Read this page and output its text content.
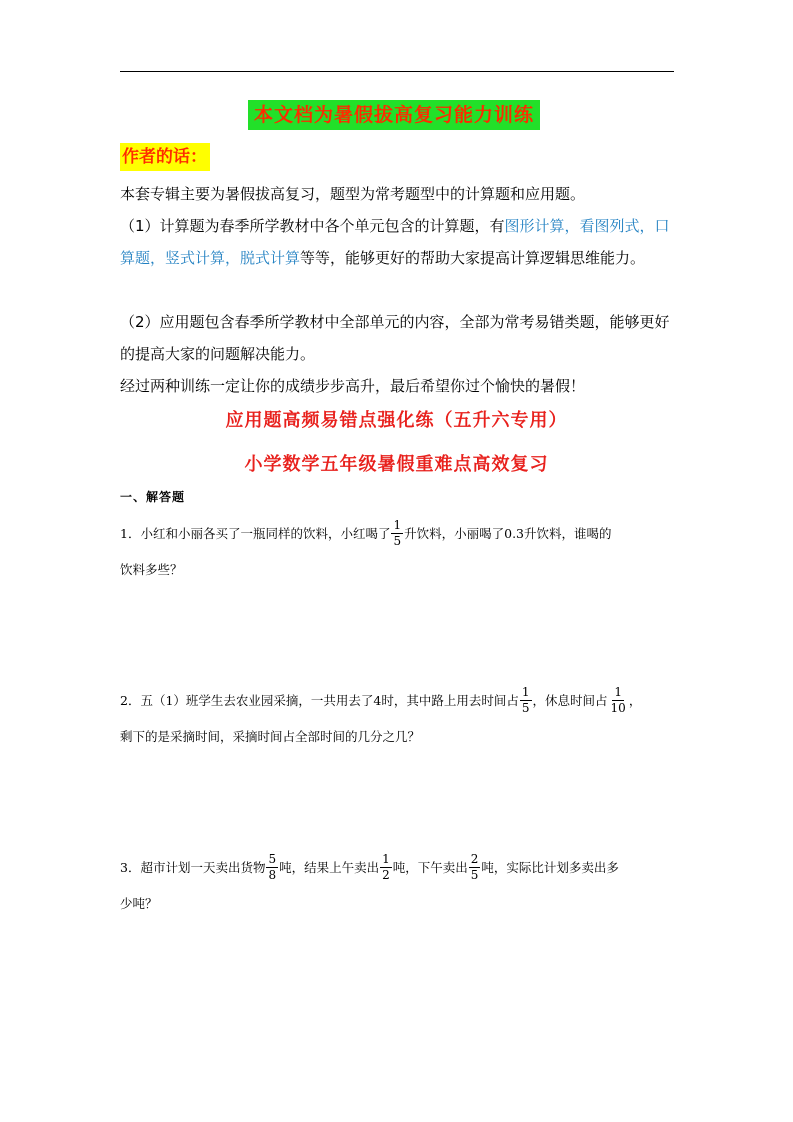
本文档为暑假拔高复习能力训练
作者的话：

本套专辑主要为暑假拔高复习，题型为常考题型中的计算题和应用题。

（1）计算题为春季所学教材中各个单元包含的计算题，有图形计算，看图列式，口算题，竖式计算，脱式计算等等，能够更好的帮助大家提高计算逻辑思维能力。

（2）应用题包含春季所学教材中全部单元的内容，全部为常考易错类题，能够更好的提高大家的问题解决能力。

经过两种训练一定让你的成绩步步高升，最后希望你过个愉快的暑假！

应用题高频易错点强化练（五升六专用）
小学数学五年级暑假重难点高效复习
一、解答题
1．小红和小丽各买了一瓶同样的饮料，小红喝了 $\frac{1}{5}$ 升饮料，小丽喝了0.3升饮料，谁喝的
饮料多些？
2．五（1）班学生去农业园采摘，一共用去了4时，其中路上用去时间占 $\frac{1}{5}$ ，休息时间占 $\frac{1}{10}$ ，
剩下的是采摘时间，采摘时间占全部时间的几分之几？
3．超市计划一天卖出货物 $\frac{5}{8}$ 吨，结果上午卖出 $\frac{1}{2}$ 吨，下午卖出 $\frac{2}{5}$ 吨，实际比计划多卖出多
少吨？
